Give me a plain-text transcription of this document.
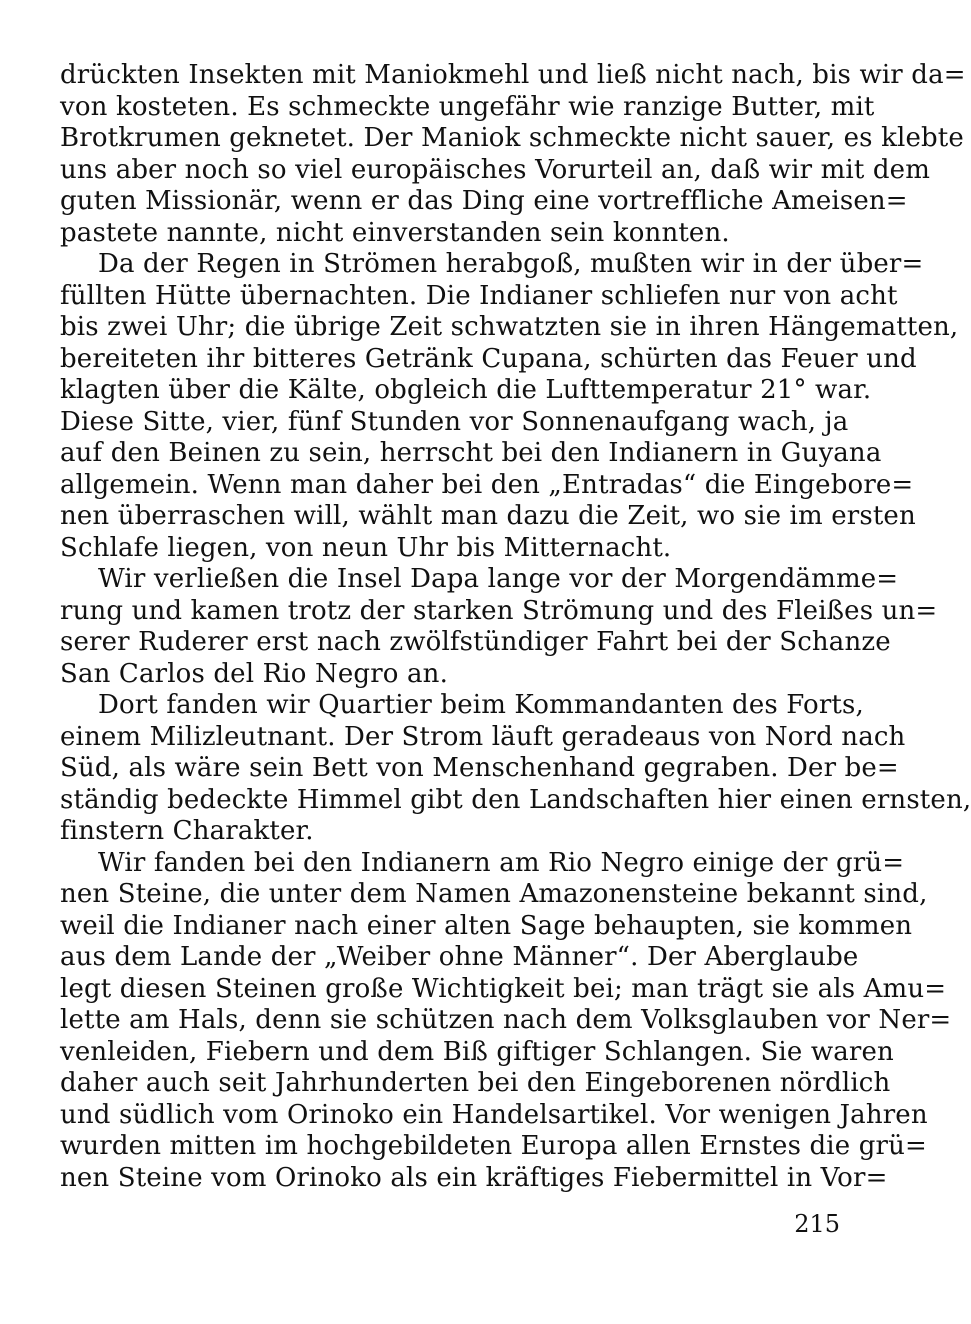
drückten Insekten mit Maniokmehl und ließ nicht nach, bis wir da=
von kosteten. Es schmeckte ungefähr wie ranzige Butter, mit
Brotkrumen geknetet. Der Maniok schmeckte nicht sauer, es klebte
uns aber noch so viel europäisches Vorurteil an, daß wir mit dem
guten Missionär, wenn er das Ding eine vortreffliche Ameisen=
pastete nannte, nicht einverstanden sein konnten.
Da der Regen in Strömen herabgoß, mußten wir in der über=
füllten Hütte übernachten. Die Indianer schliefen nur von acht
bis zwei Uhr; die übrige Zeit schwatzten sie in ihren Hängematten,
bereiteten ihr bitteres Getränk Cupana, schürten das Feuer und
klagten über die Kälte, obgleich die Lufttemperatur 21° war.
Diese Sitte, vier, fünf Stunden vor Sonnenaufgang wach, ja
auf den Beinen zu sein, herrscht bei den Indianern in Guyana
allgemein. Wenn man daher bei den „Entradas“ die Eingebore=
nen überraschen will, wählt man dazu die Zeit, wo sie im ersten
Schlafe liegen, von neun Uhr bis Mitternacht.
Wir verließen die Insel Dapa lange vor der Morgendämme=
rung und kamen trotz der starken Strömung und des Fleißes un=
serer Ruderer erst nach zwölfstündiger Fahrt bei der Schanze
San Carlos del Rio Negro an.
Dort fanden wir Quartier beim Kommandanten des Forts,
einem Milizleutnant. Der Strom läuft geradeaus von Nord nach
Süd, als wäre sein Bett von Menschenhand gegraben. Der be=
ständig bedeckte Himmel gibt den Landschaften hier einen ernsten,
finstern Charakter.
Wir fanden bei den Indianern am Rio Negro einige der grü=
nen Steine, die unter dem Namen Amazonensteine bekannt sind,
weil die Indianer nach einer alten Sage behaupten, sie kommen
aus dem Lande der „Weiber ohne Männer“. Der Aberglaube
legt diesen Steinen große Wichtigkeit bei; man trägt sie als Amu=
lette am Hals, denn sie schützen nach dem Volksglauben vor Ner=
venleiden, Fiebern und dem Biß giftiger Schlangen. Sie waren
daher auch seit Jahrhunderten bei den Eingeborenen nördlich
und südlich vom Orinoko ein Handelsartikel. Vor wenigen Jahren
wurden mitten im hochgebildeten Europa allen Ernstes die grü=
nen Steine vom Orinoko als ein kräftiges Fiebermittel in Vor=
215
